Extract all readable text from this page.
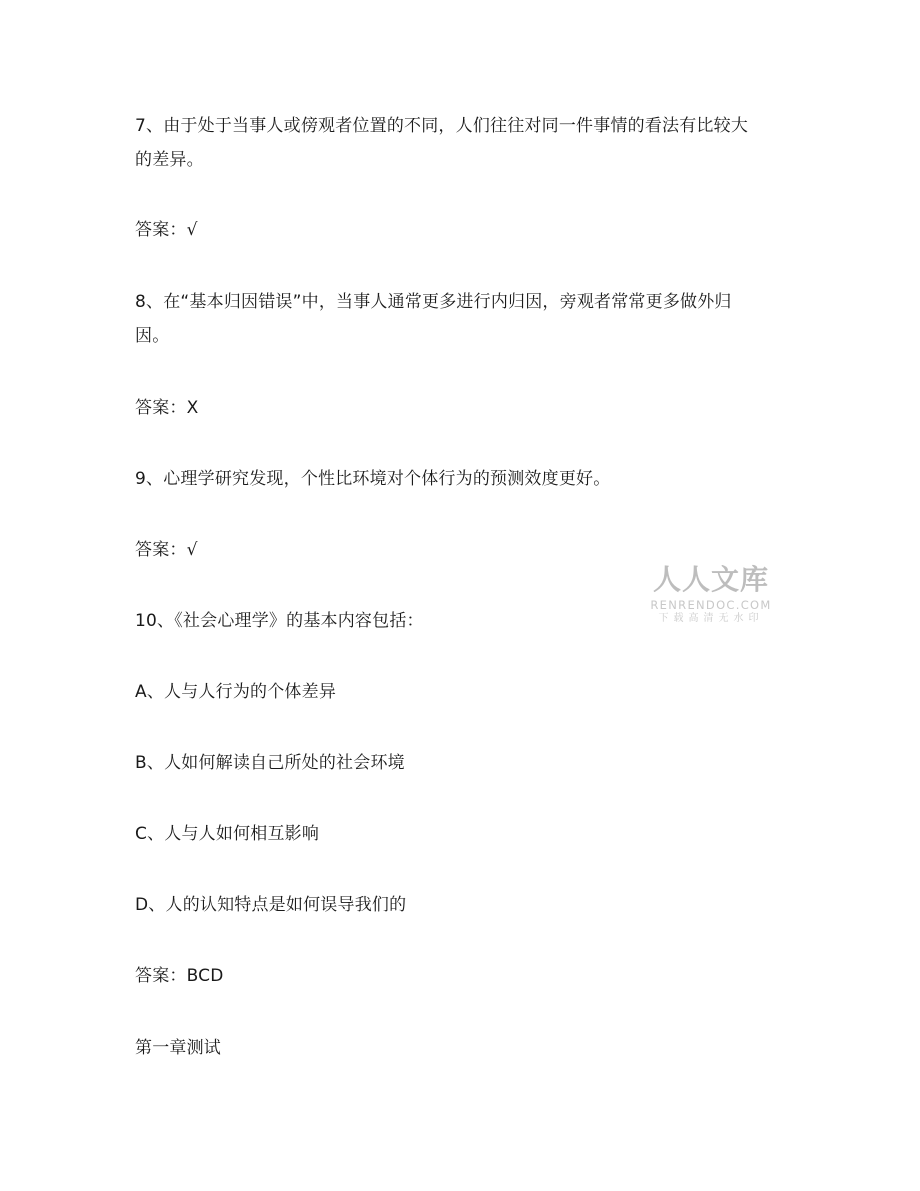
7、由于处于当事人或傍观者位置的不同，人们往往对同一件事情的看法有比较大
的差异。
答案：√
8、在“基本归因错误”中，当事人通常更多进行内归因，旁观者常常更多做外归
因。
答案：X
9、心理学研究发现，个性比环境对个体行为的预测效度更好。
答案：√
10、《社会心理学》的基本内容包括：
A、人与人行为的个体差异
B、人如何解读自己所处的社会环境
C、人与人如何相互影响
D、人的认知特点是如何误导我们的
答案：BCD
第一章测试
人人文库
RENRENDOC.COM
下载高清无水印
